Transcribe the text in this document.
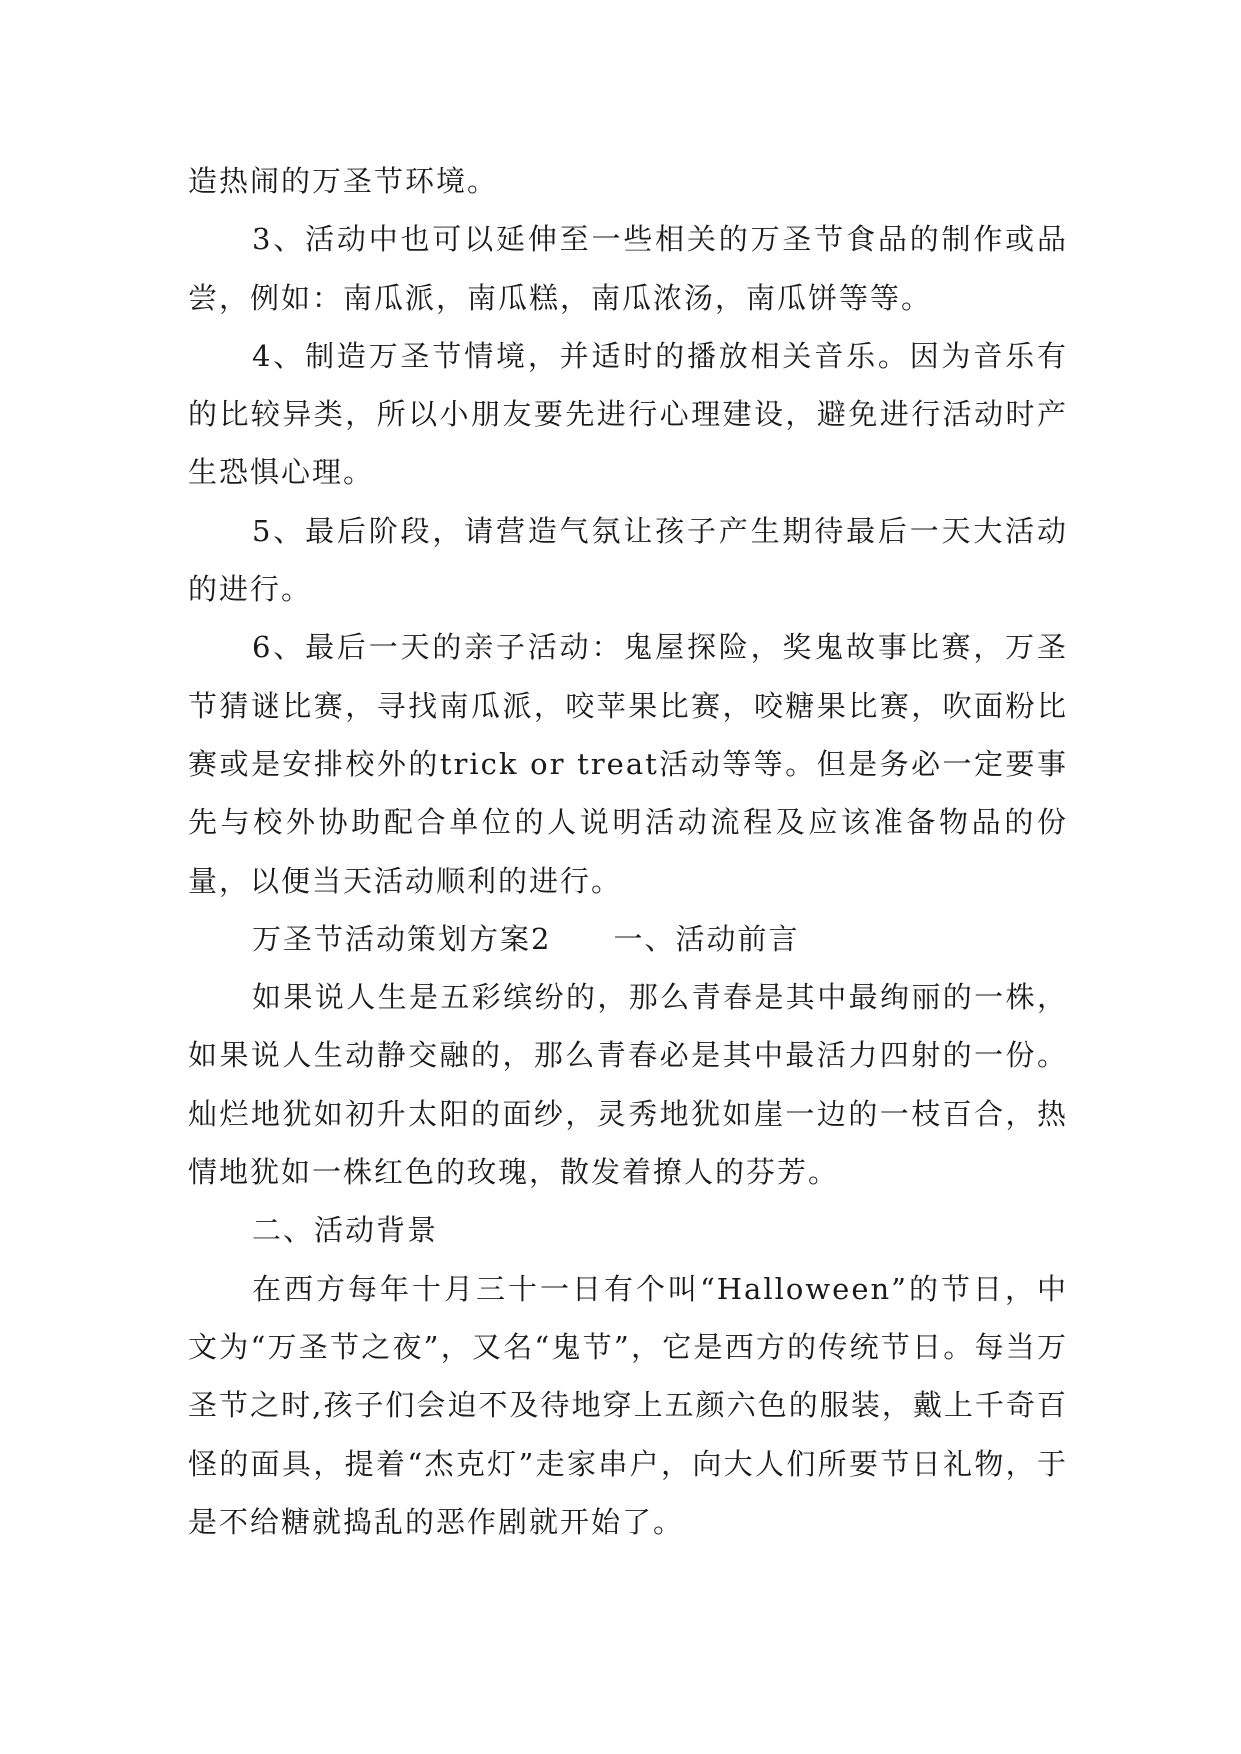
造热闹的万圣节环境。

3、活动中也可以延伸至一些相关的万圣节食品的制作或品尝，例如：南瓜派，南瓜糕，南瓜浓汤，南瓜饼等等。

4、制造万圣节情境，并适时的播放相关音乐。因为音乐有的比较异类，所以小朋友要先进行心理建设，避免进行活动时产生恐惧心理。

5、最后阶段，请营造气氛让孩子产生期待最后一天大活动的进行。

6、最后一天的亲子活动：鬼屋探险，奖鬼故事比赛，万圣节猜谜比赛，寻找南瓜派，咬苹果比赛，咬糖果比赛，吹面粉比赛或是安排校外的trick or treat活动等等。但是务必一定要事先与校外协助配合单位的人说明活动流程及应该准备物品的份量，以便当天活动顺利的进行。

万圣节活动策划方案2　　一、活动前言

如果说人生是五彩缤纷的，那么青春是其中最绚丽的一株，如果说人生动静交融的，那么青春必是其中最活力四射的一份。灿烂地犹如初升太阳的面纱，灵秀地犹如崖一边的一枝百合，热情地犹如一株红色的玫瑰，散发着撩人的芬芳。

二、活动背景

在西方每年十月三十一日有个叫“Halloween”的节日，中文为“万圣节之夜”，又名“鬼节”，它是西方的传统节日。每当万圣节之时,孩子们会迫不及待地穿上五颜六色的服装，戴上千奇百怪的面具，提着“杰克灯”走家串户，向大人们所要节日礼物，于是不给糖就捣乱的恶作剧就开始了。
